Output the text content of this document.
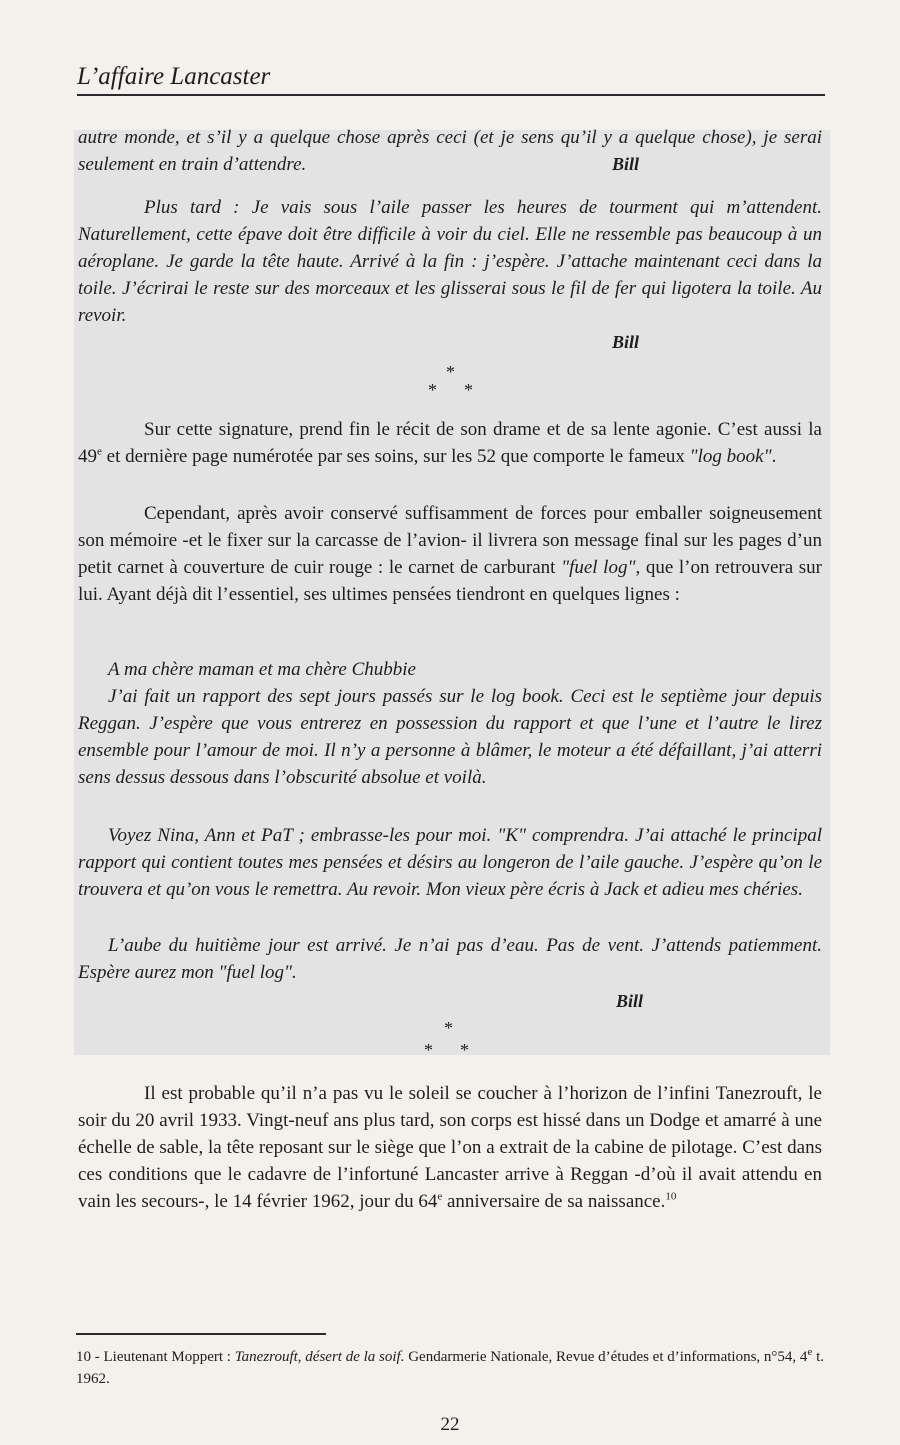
L’affaire Lancaster
autre monde, et s’il y a quelque chose après ceci (et je sens qu’il y a quelque chose), je serai seulement en train d’attendre.	Bill
Plus tard : Je vais sous l’aile passer les heures de tourment qui m’attendent. Naturellement, cette épave doit être difficile à voir du ciel. Elle ne ressemble pas beaucoup à un aéroplane. Je garde la tête haute. Arrivé à la fin : j’espère. J’attache maintenant ceci dans la toile. J’écrirai le reste sur des morceaux et les glisserai sous le fil de fer qui ligotera la toile. Au revoir.
Bill
*
* *
Sur cette signature, prend fin le récit de son drame et de sa lente agonie. C’est aussi la 49e et dernière page numérotée par ses soins, sur les 52 que comporte le fameux "log book".
Cependant, après avoir conservé suffisamment de forces pour emballer soigneusement son mémoire -et le fixer sur la carcasse de l’avion- il livrera son message final sur les pages d’un petit carnet à couverture de cuir rouge : le carnet de carburant "fuel log", que l’on retrouvera sur lui. Ayant déjà dit l’essentiel, ses ultimes pensées tiendront en quelques lignes :
A ma chère maman et ma chère Chubbie
J’ai fait un rapport des sept jours passés sur le log book. Ceci est le septième jour depuis Reggan. J’espère que vous entrerez en possession du rapport et que l’une et l’autre le lirez ensemble pour l’amour de moi. Il n’y a personne à blâmer, le moteur a été défaillant, j’ai atterri sens dessus dessous dans l’obscurité absolue et voilà.
Voyez Nina, Ann et PaT ; embrasse-les pour moi. "K" comprendra. J’ai attaché le principal rapport qui contient toutes mes pensées et désirs au longeron de l’aile gauche. J’espère qu’on le trouvera et qu’on vous le remettra. Au revoir. Mon vieux père écris à Jack et adieu mes chéries.
L’aube du huitième jour est arrivé. Je n’ai pas d’eau. Pas de vent. J’attends patiemment. Espère aurez mon "fuel log".
Bill
*
* *
Il est probable qu’il n’a pas vu le soleil se coucher à l’horizon de l’infini Tanezrouft, le soir du 20 avril 1933. Vingt-neuf ans plus tard, son corps est hissé dans un Dodge et amarré à une échelle de sable, la tête reposant sur le siège que l’on a extrait de la cabine de pilotage. C’est dans ces conditions que le cadavre de l’infortuné Lancaster arrive à Reggan -d’où il avait attendu en vain les secours-, le 14 février 1962, jour du 64e anniversaire de sa naissance.$^{10}$
10 - Lieutenant Moppert : Tanezrouft, désert de la soif. Gendarmerie Nationale, Revue d’études et d’informations, n°54, 4e t. 1962.
22
